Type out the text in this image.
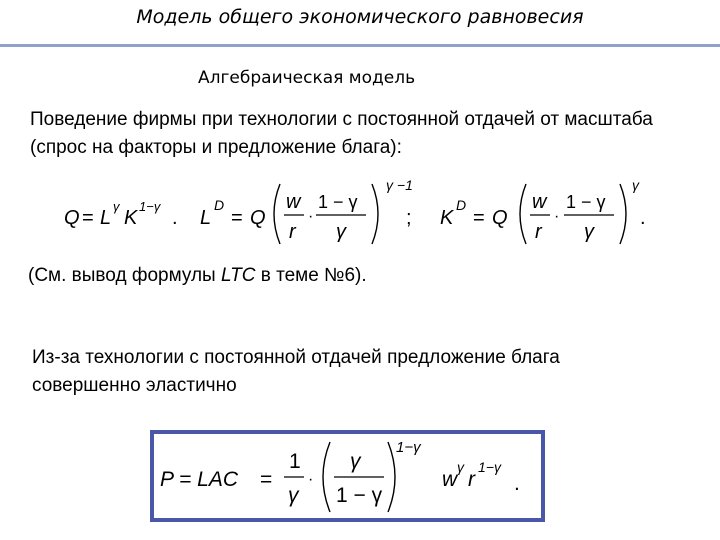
Модель общего экономического равновесия
Алгебраическая модель
Поведение фирмы при технологии с постоянной отдачей от масштаба (спрос на факторы и предложение блага):
Q = L
γ
K
1−γ
. L
D
= Q
w
r
·
1 − γ
γ
γ −1
; K
D
= Q
w
r
·
1 − γ
γ
γ
.
(См. вывод формулы LTC в теме №6).
Из-за технологии с постоянной отдачей предложение блага совершенно эластично
P = LAC =
1
γ
·
γ
1 − γ
1−γ
w
γ
r
1−γ
.
